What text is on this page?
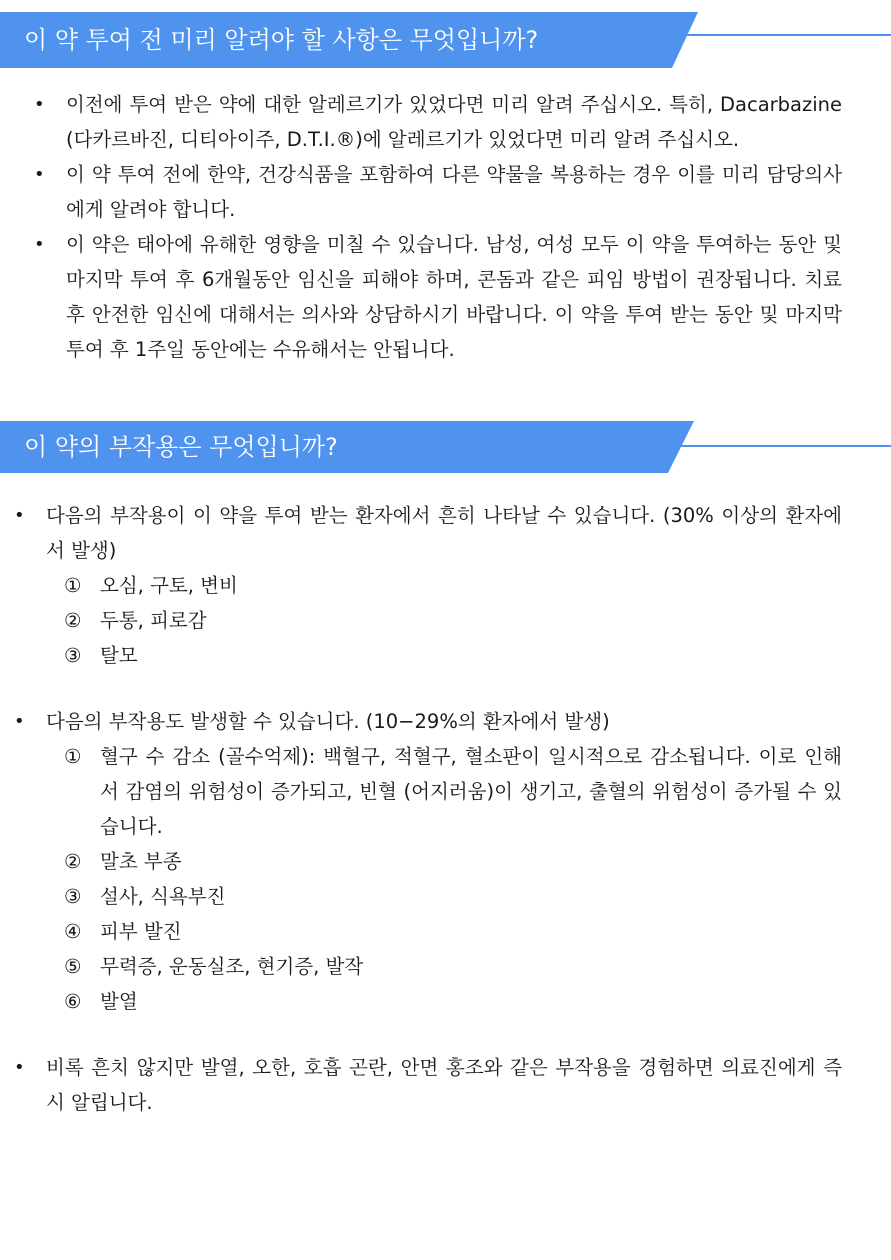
이 약 투여 전 미리 알려야 할 사항은 무엇입니까?
• 이전에 투여 받은 약에 대한 알레르기가 있었다면 미리 알려 주십시오. 특히, Dacarbazine (다카르바진, 디티아이주, D.T.I.®)에 알레르기가 있었다면 미리 알려 주십시오.
• 이 약 투여 전에 한약, 건강식품을 포함하여 다른 약물을 복용하는 경우 이를 미리 담당의사에게 알려야 합니다.
• 이 약은 태아에 유해한 영향을 미칠 수 있습니다. 남성, 여성 모두 이 약을 투여하는 동안 및 마지막 투여 후 6개월동안 임신을 피해야 하며, 콘돔과 같은 피임 방법이 권장됩니다. 치료 후 안전한 임신에 대해서는 의사와 상담하시기 바랍니다. 이 약을 투여 받는 동안 및 마지막 투여 후 1주일 동안에는 수유해서는 안됩니다.
이 약의 부작용은 무엇입니까?
• 다음의 부작용이 이 약을 투여 받는 환자에서 흔히 나타날 수 있습니다. (30% 이상의 환자에서 발생)
① 오심, 구토, 변비
② 두통, 피로감
③ 탈모
• 다음의 부작용도 발생할 수 있습니다. (10−29%의 환자에서 발생)
① 혈구 수 감소 (골수억제): 백혈구, 적혈구, 혈소판이 일시적으로 감소됩니다. 이로 인해서 감염의 위험성이 증가되고, 빈혈 (어지러움)이 생기고, 출혈의 위험성이 증가될 수 있습니다.
② 말초 부종
③ 설사, 식욕부진
④ 피부 발진
⑤ 무력증, 운동실조, 현기증, 발작
⑥ 발열
• 비록 흔치 않지만 발열, 오한, 호흡 곤란, 안면 홍조와 같은 부작용을 경험하면 의료진에게 즉시 알립니다.
